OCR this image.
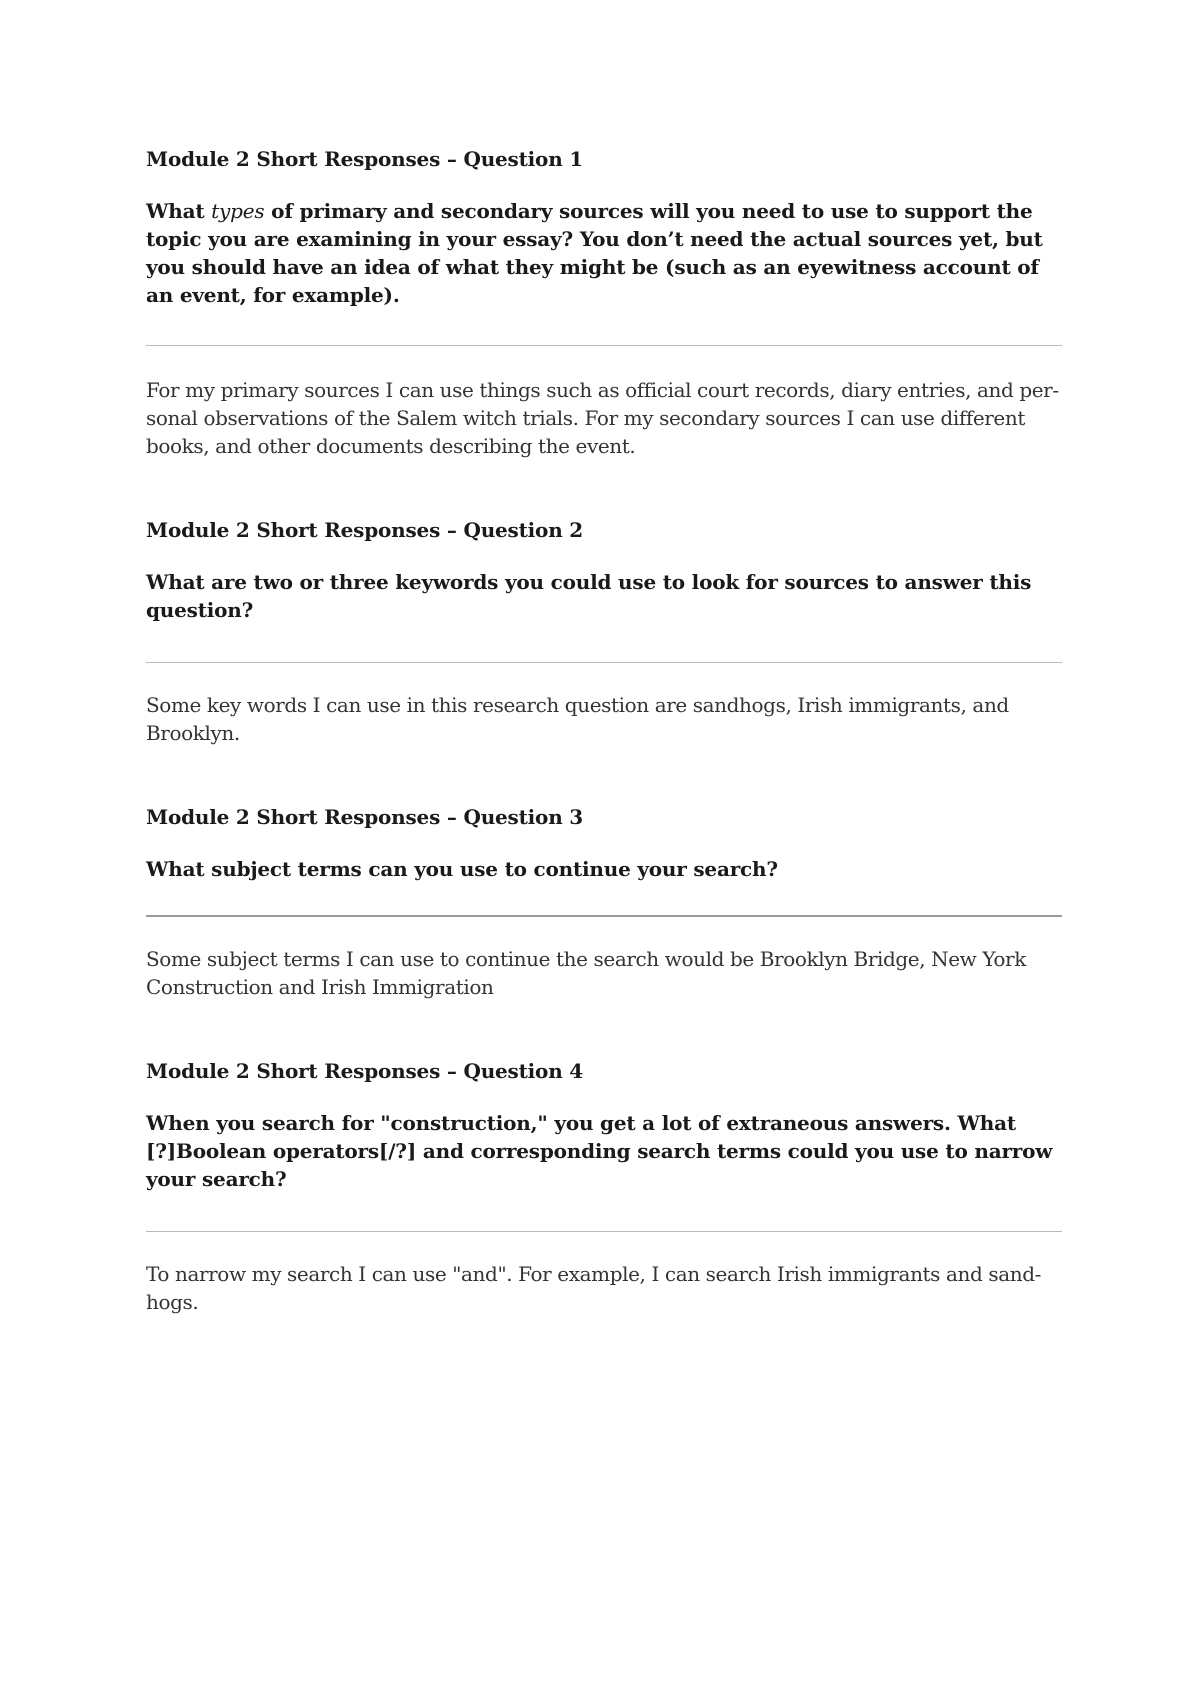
Module 2 Short Responses – Question 1

What types of primary and secondary sources will you need to use to support the topic you are examining in your essay? You don’t need the actual sources yet, but you should have an idea of what they might be (such as an eyewitness account of an event, for example).

For my primary sources I can use things such as official court records, diary entries, and personal observations of the Salem witch trials. For my secondary sources I can use different books, and other documents describing the event.

Module 2 Short Responses – Question 2

What are two or three keywords you could use to look for sources to answer this question?

Some key words I can use in this research question are sandhogs, Irish immigrants, and Brooklyn.

Module 2 Short Responses – Question 3

What subject terms can you use to continue your search?

Some subject terms I can use to continue the search would be Brooklyn Bridge, New York Construction and Irish Immigration

Module 2 Short Responses – Question 4

When you search for "construction," you get a lot of extraneous answers. What [?]Boolean operators[/?] and corresponding search terms could you use to narrow your search?

To narrow my search I can use "and". For example, I can search Irish immigrants and sandhogs.
